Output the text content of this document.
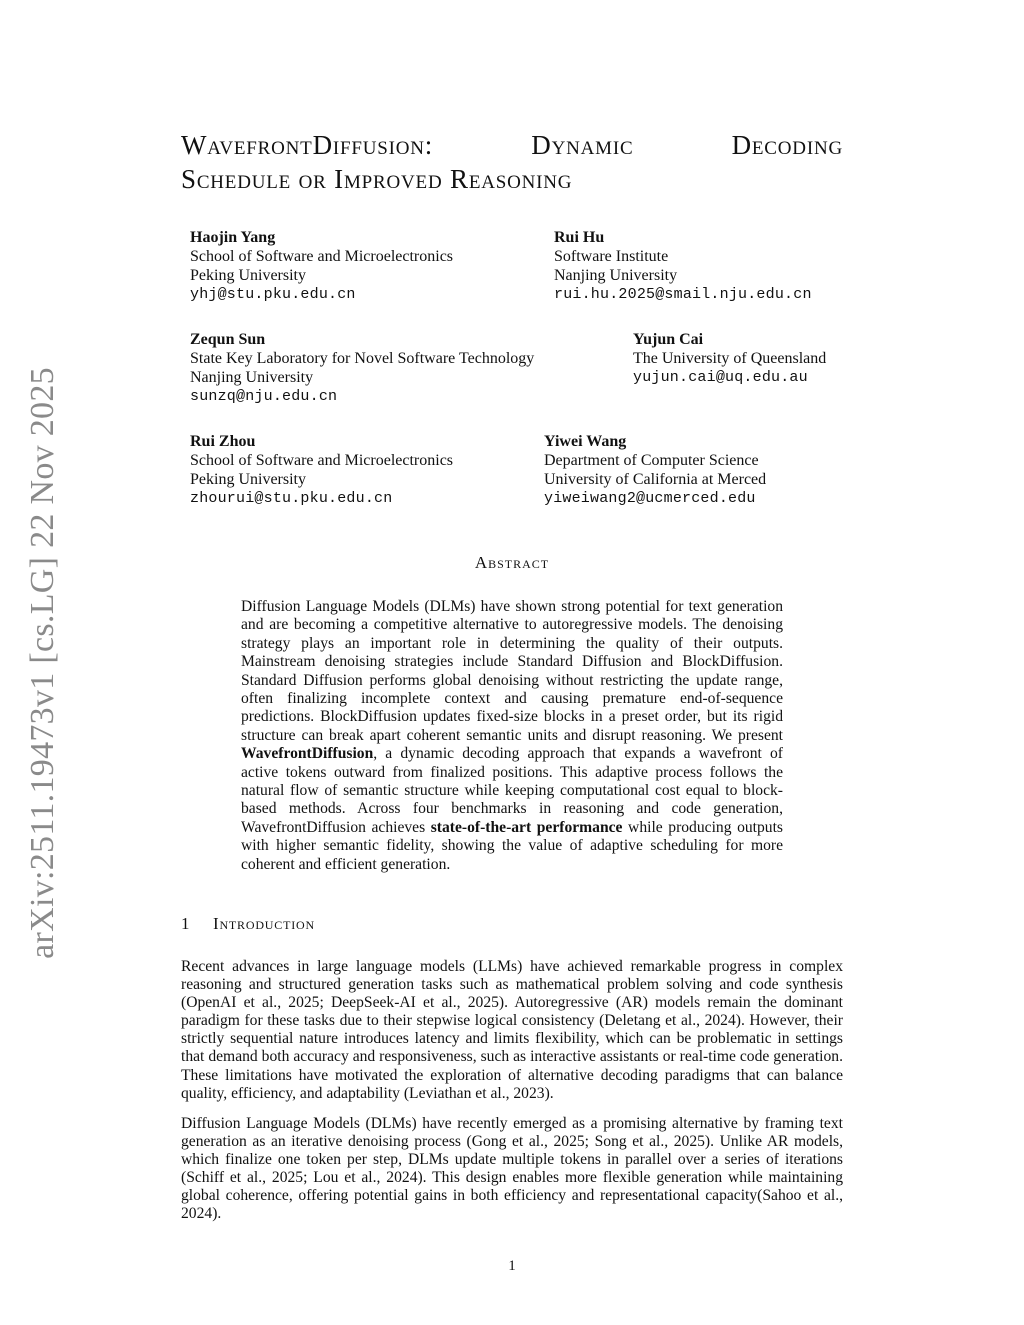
arXiv:2511.19473v1 [cs.LG] 22 Nov 2025
WavefrontDiffusion:	Dynamic	Decoding
Schedule or Improved Reasoning
Haojin Yang
School of Software and Microelectronics
Peking University
yhj@stu.pku.edu.cn
Rui Hu
Software Institute
Nanjing University
rui.hu.2025@smail.nju.edu.cn
Zequn Sun
State Key Laboratory for Novel Software Technology
Nanjing University
sunzq@nju.edu.cn
Yujun Cai
The University of Queensland
yujun.cai@uq.edu.au
Rui Zhou
School of Software and Microelectronics
Peking University
zhourui@stu.pku.edu.cn
Yiwei Wang
Department of Computer Science
University of California at Merced
yiweiwang2@ucmerced.edu
Abstract

Diffusion Language Models (DLMs) have shown strong potential for text generation and are becoming a competitive alternative to autoregressive models. The denoising strategy plays an important role in determining the quality of their outputs. Mainstream denoising strategies include Standard Diffusion and BlockDiffusion. Standard Diffusion performs global denoising without restricting the update range, often finalizing incomplete context and causing premature end-of-sequence predictions. BlockDiffusion updates fixed-size blocks in a preset order, but its rigid structure can break apart coherent semantic units and disrupt reasoning. We present WavefrontDiffusion, a dynamic decoding approach that expands a wavefront of active tokens outward from finalized positions. This adaptive process follows the natural flow of semantic structure while keeping computational cost equal to block-based methods. Across four benchmarks in reasoning and code generation, WavefrontDiffusion achieves state-of-the-art performance while producing outputs with higher semantic fidelity, showing the value of adaptive scheduling for more coherent and efficient generation.

1 Introduction

Recent advances in large language models (LLMs) have achieved remarkable progress in complex reasoning and structured generation tasks such as mathematical problem solving and code synthesis (OpenAI et al., 2025; DeepSeek-AI et al., 2025). Autoregressive (AR) models remain the dominant paradigm for these tasks due to their stepwise logical consistency (Deletang et al., 2024). However, their strictly sequential nature introduces latency and limits flexibility, which can be problematic in settings that demand both accuracy and responsiveness, such as interactive assistants or real-time code generation. These limitations have motivated the exploration of alternative decoding paradigms that can balance quality, efficiency, and adaptability (Leviathan et al., 2023).

Diffusion Language Models (DLMs) have recently emerged as a promising alternative by framing text generation as an iterative denoising process (Gong et al., 2025; Song et al., 2025). Unlike AR models, which finalize one token per step, DLMs update multiple tokens in parallel over a series of iterations (Schiff et al., 2025; Lou et al., 2024). This design enables more flexible generation while maintaining global coherence, offering potential gains in both efficiency and representational capacity(Sahoo et al., 2024).

1
